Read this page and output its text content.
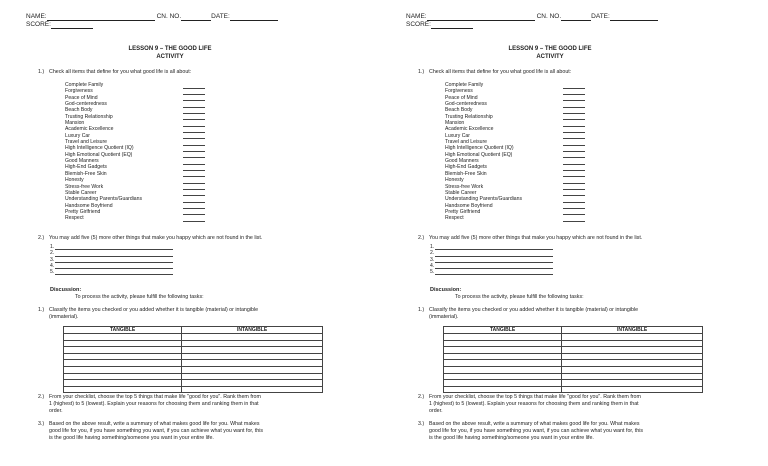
NAME:	CN. NO.	DATE:
SCORE:
LESSON 9 – THE GOOD LIFE
ACTIVITY
1.) Check all items that define for you what good life is all about:
Complete Family
Forgiveness
Peace of Mind
God-centeredness
Beach Body
Trusting Relationship
Mansion
Academic Excellence
Luxury Car
Travel and Leisure
High Intelligence Quotient (IQ)
High Emotional Quotient (EQ)
Good Manners
High-End Gadgets
Blemish-Free Skin
Honesty
Stress-free Work
Stable Career
Understanding Parents/Guardians
Handsome Boyfriend
Pretty Girlfriend
Respect
2.) You may add five (5) more other things that make you happy which are not found in the list.
1.
2.
3.
4.
5.
Discussion:
To process the activity, please fulfill the following tasks:
1.) Classify the items you checked or you added whether it is tangible (material) or intangible
(immaterial).
TANGIBLE	INTANGIBLE

2.) From your checklist, choose the top 5 things that make life "good for you". Rank them from
1 (highest) to 5 (lowest). Explain your reasons for choosing them and ranking them in that
order.
3.) Based on the above result, write a summary of what makes good life for you. What makes
good life for you, if you have something you want, if you can achieve what you want for, this
is the good life having something/someone you want in your entire life.
NAME:	CN. NO.	DATE:
SCORE:
LESSON 9 – THE GOOD LIFE
ACTIVITY
1.) Check all items that define for you what good life is all about:
Complete Family
Forgiveness
Peace of Mind
God-centeredness
Beach Body
Trusting Relationship
Mansion
Academic Excellence
Luxury Car
Travel and Leisure
High Intelligence Quotient (IQ)
High Emotional Quotient (EQ)
Good Manners
High-End Gadgets
Blemish-Free Skin
Honesty
Stress-free Work
Stable Career
Understanding Parents/Guardians
Handsome Boyfriend
Pretty Girlfriend
Respect
2.) You may add five (5) more other things that make you happy which are not found in the list.
1.
2.
3.
4.
5.
Discussion:
To process the activity, please fulfill the following tasks:
1.) Classify the items you checked or you added whether it is tangible (material) or intangible
(immaterial).
TANGIBLE	INTANGIBLE

2.) From your checklist, choose the top 5 things that make life "good for you". Rank them from
1 (highest) to 5 (lowest). Explain your reasons for choosing them and ranking them in that
order.
3.) Based on the above result, write a summary of what makes good life for you. What makes
good life for you, if you have something you want, if you can achieve what you want for, this
is the good life having something/someone you want in your entire life.
